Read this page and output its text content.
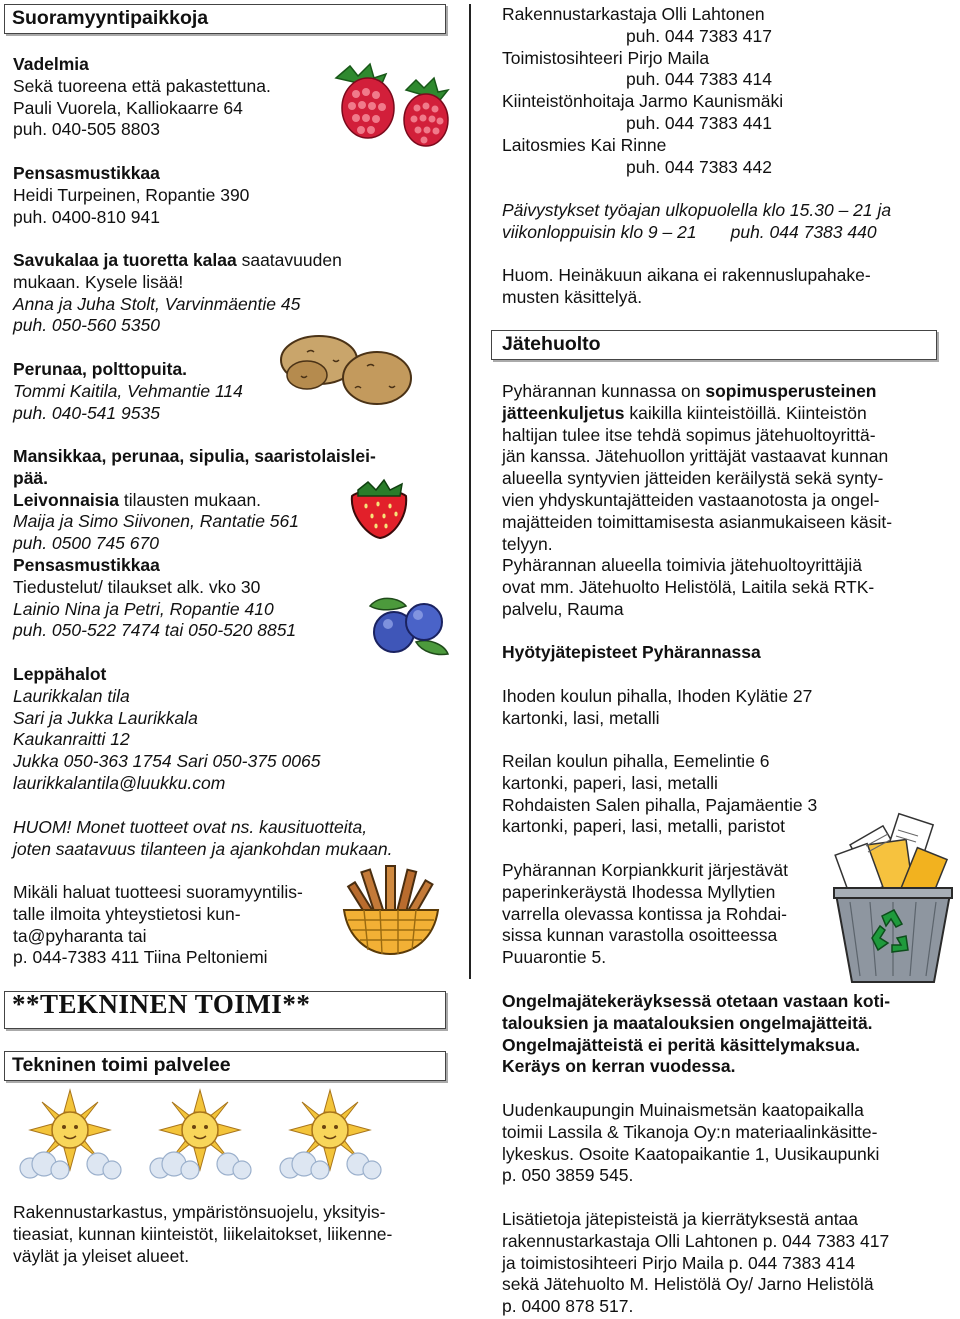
Suoramyyntipaikkoja
Vadelmia
Sekä tuoreena että pakastettuna.
Pauli Vuorela, Kalliokaarre 64
puh. 040-505 8803
Pensasmustikkaa
Heidi Turpeinen, Ropantie 390
puh. 0400-810 941
Savukalaa ja tuoretta kalaa saatavuuden
mukaan. Kysele lisää!
Anna ja Juha Stolt, Varvinmäentie 45
puh. 050-560 5350
Perunaa, polttopuita.
Tommi Kaitila, Vehmantie 114
puh. 040-541 9535
Mansikkaa, perunaa, sipulia, saaristolaislei-
pää.
Leivonnaisia tilausten mukaan.
Maija ja Simo Siivonen, Rantatie 561
puh. 0500 745 670
Pensasmustikkaa
Tiedustelut/ tilaukset alk. vko 30
Lainio Nina ja Petri, Ropantie 410
puh. 050-522 7474 tai 050-520 8851
Leppähalot
Laurikkalan tila
Sari ja Jukka Laurikkala
Kaukanraitti 12
Jukka 050-363 1754 Sari 050-375 0065
laurikkalantila@luukku.com
HUOM! Monet tuotteet ovat ns. kausituotteita,
joten saatavuus tilanteen ja ajankohdan mukaan.
Mikäli haluat tuotteesi suoramyyntilis-
talle ilmoita yhteystietosi kun-
ta@pyharanta tai
p. 044-7383 411 Tiina Peltoniemi
**TEKNINEN TOIMI**
Tekninen toimi palvelee
Rakennustarkastus, ympäristönsuojelu, yksityis-
tieasiat, kunnan kiinteistöt, liikelaitokset, liikenne-
väylät ja yleiset alueet.
Rakennustarkastaja Olli Lahtonen
puh. 044 7383 417
Toimistosihteeri Pirjo Maila
puh. 044 7383 414
Kiinteistönhoitaja Jarmo Kaunismäki
puh. 044 7383 441
Laitosmies Kai Rinne
puh. 044 7383 442
Päivystykset työajan ulkopuolella klo 15.30 – 21 ja
viikonloppuisin klo 9 – 21       puh. 044 7383 440
Huom. Heinäkuun aikana ei rakennuslupahake-
musten käsittelyä.
Jätehuolto
Pyhärannan kunnassa on sopimusperusteinen
jätteenkuljetus kaikilla kiinteistöillä. Kiinteistön
haltijan tulee itse tehdä sopimus jätehuoltoyrittä-
jän kanssa. Jätehuollon yrittäjät vastaavat kunnan
alueella syntyvien jätteiden keräilystä sekä synty-
vien yhdyskuntajätteiden vastaanotosta ja ongel-
majätteiden toimittamisesta asianmukaiseen käsit-
telyyn.
Pyhärannan alueella toimivia jätehuoltoyrittäjiä
ovat mm. Jätehuolto Helistölä, Laitila sekä RTK-
palvelu, Rauma
Hyötyjätepisteet Pyhärannassa
Ihoden koulun pihalla, Ihoden Kylätie 27
kartonki, lasi, metalli
Reilan koulun pihalla, Eemelintie 6
kartonki, paperi, lasi, metalli
Rohdaisten Salen pihalla, Pajamäentie 3
kartonki, paperi, lasi, metalli, paristot
Pyhärannan Korpiankkurit järjestävät
paperinkeräystä Ihodessa Myllytien
varrella olevassa kontissa ja Rohdai-
sissa kunnan varastolla osoitteessa
Puuarontie 5.
Ongelmajätekeräyksessä otetaan vastaan koti-
talouksien ja maatalouksien ongelmajätteitä.
Ongelmajätteistä ei peritä käsittelymaksua.
Keräys on kerran vuodessa.
Uudenkaupungin Muinaismetsän kaatopaikalla
toimii Lassila & Tikanoja Oy:n materiaalinkäsitte-
lykeskus. Osoite Kaatopaikantie 1, Uusikaupunki
p. 050 3859 545.
Lisätietoja jätepisteistä ja kierrätyksestä antaa
rakennustarkastaja Olli Lahtonen p. 044 7383 417
ja toimistosihteeri Pirjo Maila p. 044 7383 414
sekä Jätehuolto M. Helistölä Oy/ Jarno Helistölä
p. 0400 878 517.
